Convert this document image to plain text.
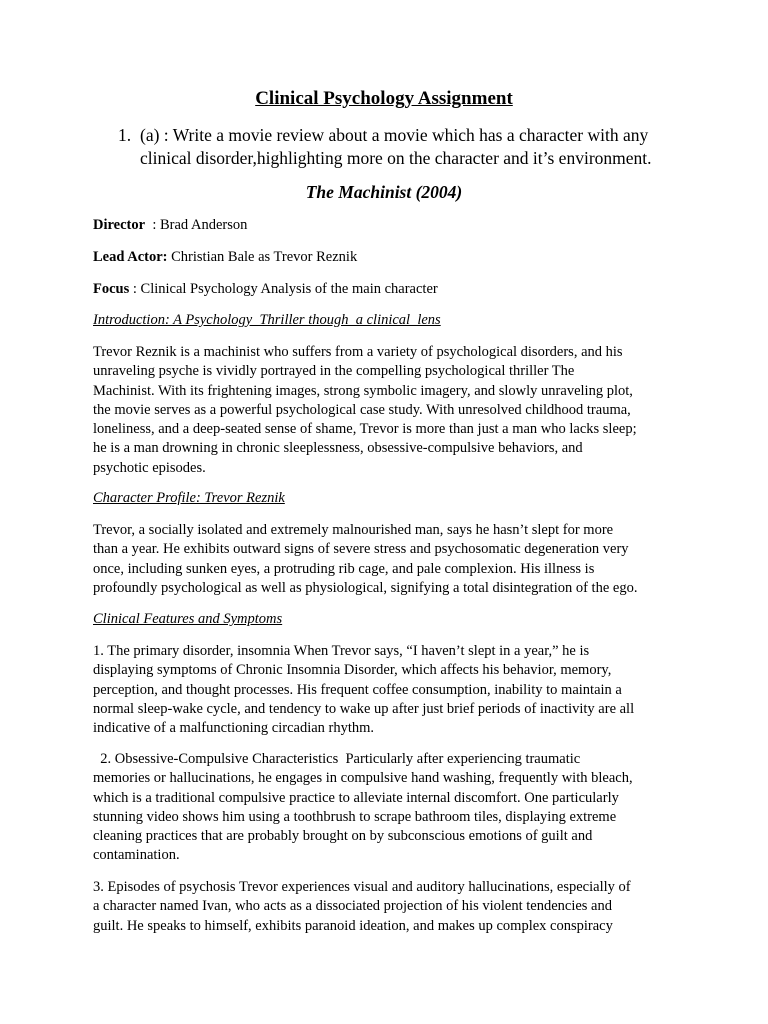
Clinical Psychology Assignment
1. (a) : Write a movie review about a movie which has a character with any
clinical disorder,highlighting more on the character and it’s environment.
The Machinist (2004)

Director  : Brad Anderson

Lead Actor: Christian Bale as Trevor Reznik

Focus : Clinical Psychology Analysis of the main character

Introduction: A Psychology  Thriller though  a clinical  lens

Trevor Reznik is a machinist who suffers from a variety of psychological disorders, and his
unraveling psyche is vividly portrayed in the compelling psychological thriller The
Machinist. With its frightening images, strong symbolic imagery, and slowly unraveling plot,
the movie serves as a powerful psychological case study. With unresolved childhood trauma,
loneliness, and a deep-seated sense of shame, Trevor is more than just a man who lacks sleep;
he is a man drowning in chronic sleeplessness, obsessive-compulsive behaviors, and
psychotic episodes.

Character Profile: Trevor Reznik

Trevor, a socially isolated and extremely malnourished man, says he hasn’t slept for more
than a year. He exhibits outward signs of severe stress and psychosomatic degeneration very
once, including sunken eyes, a protruding rib cage, and pale complexion. His illness is
profoundly psychological as well as physiological, signifying a total disintegration of the ego.

Clinical Features and Symptoms

1. The primary disorder, insomnia When Trevor says, “I haven’t slept in a year,” he is
displaying symptoms of Chronic Insomnia Disorder, which affects his behavior, memory,
perception, and thought processes. His frequent coffee consumption, inability to maintain a
normal sleep-wake cycle, and tendency to wake up after just brief periods of inactivity are all
indicative of a malfunctioning circadian rhythm.
2. Obsessive-Compulsive Characteristics  Particularly after experiencing traumatic
memories or hallucinations, he engages in compulsive hand washing, frequently with bleach,
which is a traditional compulsive practice to alleviate internal discomfort. One particularly
stunning video shows him using a toothbrush to scrape bathroom tiles, displaying extreme
cleaning practices that are probably brought on by subconscious emotions of guilt and
contamination.
3. Episodes of psychosis Trevor experiences visual and auditory hallucinations, especially of
a character named Ivan, who acts as a dissociated projection of his violent tendencies and
guilt. He speaks to himself, exhibits paranoid ideation, and makes up complex conspiracy
